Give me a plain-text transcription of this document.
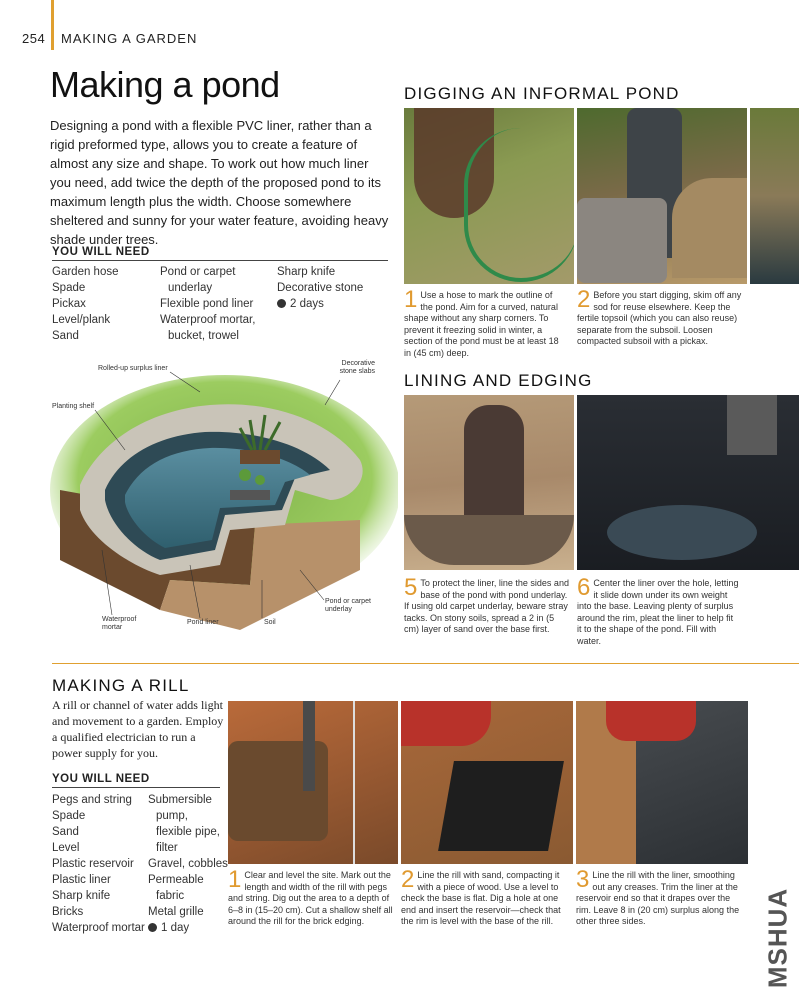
254 MAKING A GARDEN
Making a pond
Designing a pond with a flexible PVC liner, rather than a rigid preformed type, allows you to create a feature of almost any size and shape. To work out how much liner you need, add twice the depth of the proposed pond to its maximum length plus the width. Choose somewhere sheltered and sunny for your water feature, avoiding heavy shade under trees.
YOU WILL NEED
Garden hose
Spade
Pickax
Level/plank
Sand
Pond or carpet
underlay
Flexible pond liner
Waterproof mortar,
bucket, trowel
Sharp knife
Decorative stone
2 days
Rolled-up surplus liner
Decorative stone slabs
Planting shelf
Waterproof mortar
Pond liner	Soil
Pond or carpet underlay
DIGGING AN INFORMAL POND
1 Use a hose to mark the outline of the pond. Aim for a curved, natural shape without any sharp corners. To prevent it freezing solid in winter, a section of the pond must be at least 18 in (45 cm) deep.
2 Before you start digging, skim off any sod for reuse elsewhere. Keep the fertile topsoil (which you can also reuse) separate from the subsoil. Loosen compacted subsoil with a pickax.
LINING AND EDGING
5 To protect the liner, line the sides and base of the pond with pond underlay. If using old carpet underlay, beware stray tacks. On stony soils, spread a 2 in (5 cm) layer of sand over the base first.
6 Center the liner over the hole, letting it slide down under its own weight into the base. Leaving plenty of surplus around the rim, pleat the liner to help fit it to the shape of the pond. Fill with water.
MAKING A RILL
A rill or channel of water adds light and movement to a garden. Employ a qualified electrician to run a power supply for you.
YOU WILL NEED
Pegs and string
Spade
Sand
Level
Plastic reservoir
Plastic liner
Sharp knife
Bricks
Waterproof mortar
Submersible
pump,
flexible pipe,
filter
Gravel, cobbles
Permeable
fabric
Metal grille
1 day
1 Clear and level the site. Mark out the length and width of the rill with pegs and string. Dig out the area to a depth of 6–8 in (15–20 cm). Cut a shallow shelf all around the rill for the brick edging.
2 Line the rill with sand, compacting it with a piece of wood. Use a level to check the base is flat. Dig a hole at one end and insert the reservoir—check that the rim is level with the base of the rill.
3 Line the rill with the liner, smoothing out any creases. Trim the liner at the reservoir end so that it drapes over the rim. Leave 8 in (20 cm) surplus along the other three sides.	MSHUA
